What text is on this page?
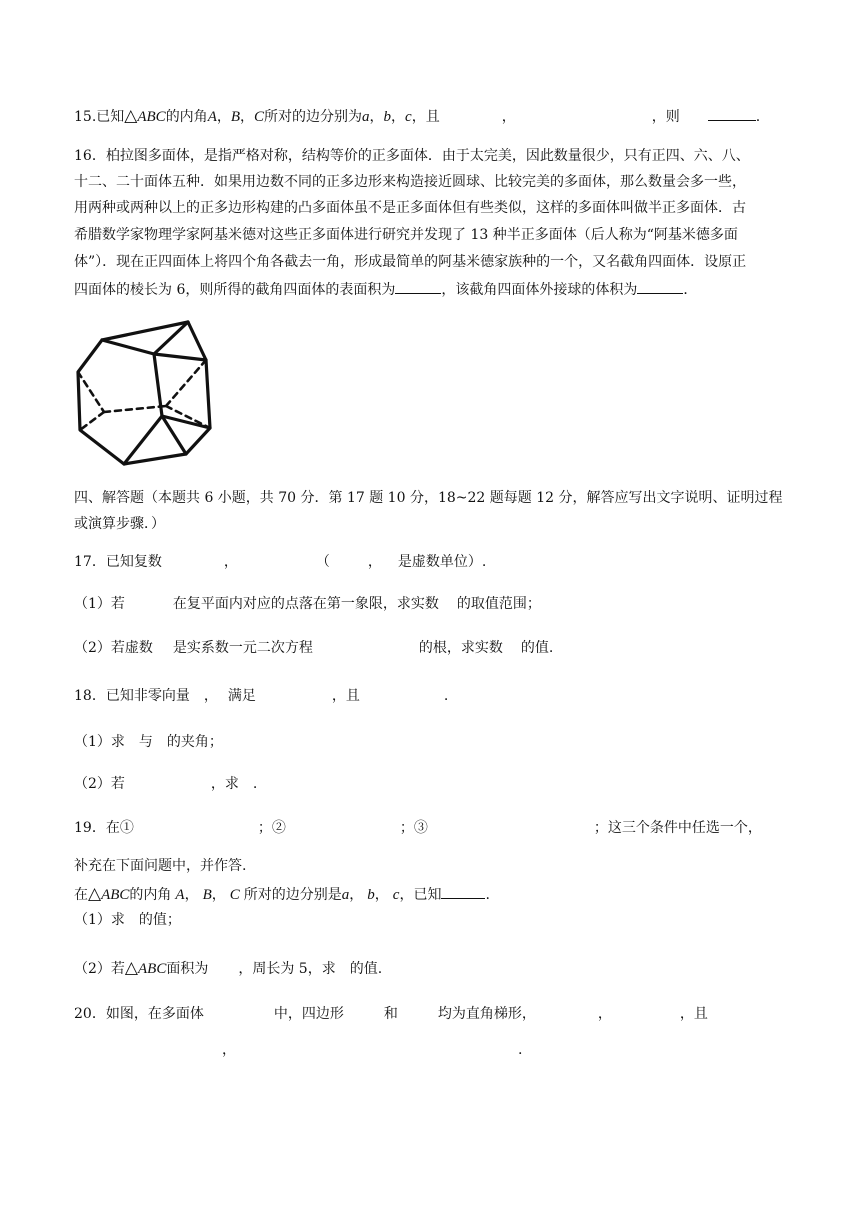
15.已知△ABC的内角A，B，C所对的边分别为a，b，c，且	，	，则	.
16．柏拉图多面体，是指严格对称，结构等价的正多面体．由于太完美，因此数量很少，只有正四、六、八、
十二、二十面体五种．如果用边数不同的正多边形来构造接近圆球、比较完美的多面体，那么数量会多一些，
用两种或两种以上的正多边形构建的凸多面体虽不是正多面体但有些类似，这样的多面体叫做半正多面体．古
希腊数学家物理学家阿基米德对这些正多面体进行研究并发现了 13 种半正多面体（后人称为“阿基米德多面
体”）．现在正四面体上将四个角各截去一角，形成最简单的阿基米德家族种的一个，又名截角四面体．设原正
四面体的棱长为 6，则所得的截角四面体的表面积为	，该截角四面体外接球的体积为	．
四、解答题（本题共 6 小题，共 70 分．第 17 题 10 分，18~22 题每题 12 分，解答应写出文字说明、证明过程
或演算步骤．）
17．已知复数	，	（	， 是虚数单位）.
（1）若	在复平面内对应的点落在第一象限，求实数 的取值范围；
（2）若虚数 是实系数一元二次方程	的根，求实数 的值.
18．已知非零向量 ， 满足	，且	.
（1）求 与 的夹角；
（2）若	，求 .
19．在①	；②	；③	；这三个条件中任选一个，
补充在下面问题中，并作答.
在△ABC的内角 A， B， C 所对的边分别是a， b， c，已知	.
（1）求 的值；
（2）若△ABC面积为 ，周长为 5，求 的值.
20．如图，在多面体	中，四边形	和	均为直角梯形，	，	，且
，	.
